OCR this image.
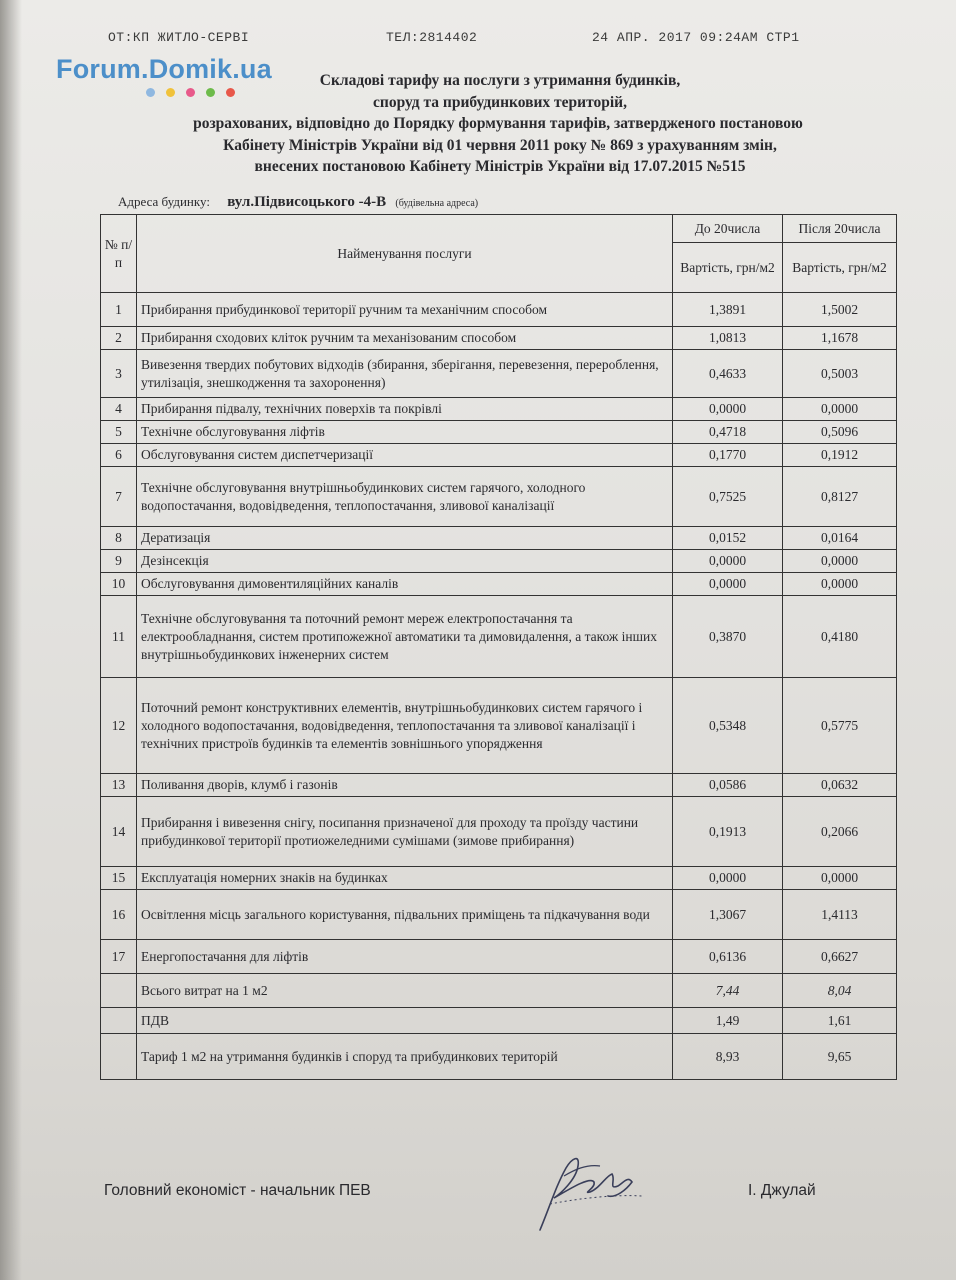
ОТ:КП ЖИТЛО-СЕРВІ	ТЕЛ:2814402	24 АПР. 2017 09:24AM СТР1
Складові тарифу на послуги з утримання будинків,
споруд та прибудинкових територій,
розрахованих, відповідно до Порядку формування тарифів, затвердженого постановою
Кабінету Міністрів України від 01 червня 2011 року № 869 з урахуванням змін,
внесених постановою Кабінету Міністрів України від 17.07.2015 №515
Forum.Domik.ua
Адреса будинку: вул.Підвисоцького -4-В (будівельна адреса)
№ п/п	Найменування послуги	До 20числа	Після 20числа
		Вартість, грн/м2	Вартість, грн/м2
1	Прибирання прибудинкової території ручним та механічним способом	1,3891	1,5002
2	Прибирання сходових кліток ручним та механізованим способом	1,0813	1,1678
3	Вивезення твердих побутових відходів (збирання, зберігання, перевезення, перероблення, утилізація, знешкодження та захоронення)	0,4633	0,5003
4	Прибирання підвалу, технічних поверхів та покрівлі	0,0000	0,0000
5	Технічне обслуговування ліфтів	0,4718	0,5096
6	Обслуговування систем диспетчеризації	0,1770	0,1912
7	Технічне обслуговування внутрішньобудинкових систем гарячого, холодного водопостачання, водовідведення, теплопостачання, зливової каналізації	0,7525	0,8127
8	Дератизація	0,0152	0,0164
9	Дезінсекція	0,0000	0,0000
10	Обслуговування димовентиляційних каналів	0,0000	0,0000
11	Технічне обслуговування та поточний ремонт мереж електропостачання та електрообладнання, систем протипожежної автоматики та димовидалення, а також інших внутрішньобудинкових інженерних систем	0,3870	0,4180
12	Поточний ремонт конструктивних елементів, внутрішньобудинкових систем гарячого і холодного водопостачання, водовідведення, теплопостачання та зливової каналізації і технічних пристроїв будинків та елементів зовнішнього упорядження	0,5348	0,5775
13	Поливання дворів, клумб і газонів	0,0586	0,0632
14	Прибирання і вивезення снігу, посипання призначеної для проходу та проїзду частини прибудинкової території протиожеледними сумішами (зимове прибирання)	0,1913	0,2066
15	Експлуатація номерних знаків на будинках	0,0000	0,0000
16	Освітлення місць загального користування, підвальних приміщень та підкачування води	1,3067	1,4113
17	Енергопостачання для ліфтів	0,6136	0,6627
	Всього витрат на 1 м2	7,44	8,04
	ПДВ	1,49	1,61
	Тариф 1 м2 на утримання будинків і споруд та прибудинкових територій	8,93	9,65
Головний економіст - начальник ПЕВ	І. Джулай
